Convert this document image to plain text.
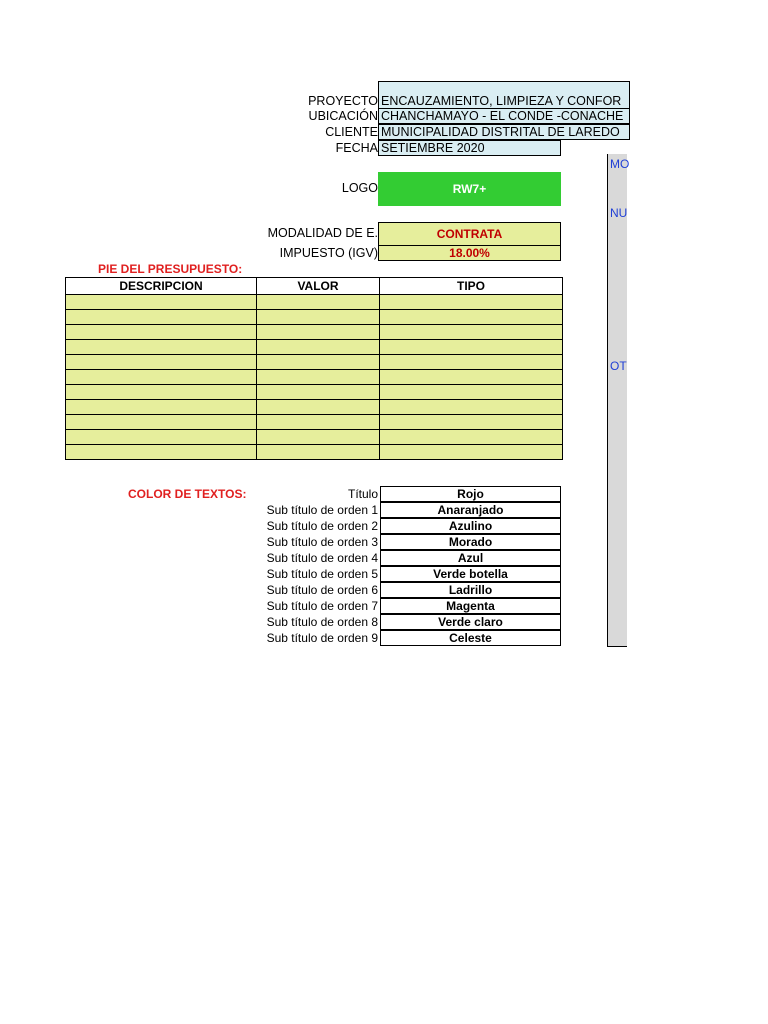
PROYECTO ENCAUZAMIENTO, LIMPIEZA Y CONFOR
UBICACIÓN CHANCHAMAYO - EL CONDE -CONACHE
CLIENTE MUNICIPALIDAD DISTRITAL DE LAREDO
FECHA SETIEMBRE 2020
LOGO	RW7+
MODALIDAD DE E.	CONTRATA
IMPUESTO (IGV)	18.00%
PIE DEL PRESUPUESTO:
DESCRIPCION	VALOR	TIPO

COLOR DE TEXTOS:	Título	Rojo
Sub título de orden 1	Anaranjado
Sub título de orden 2	Azulino
Sub título de orden 3	Morado
Sub título de orden 4	Azul
Sub título de orden 5	Verde botella
Sub título de orden 6	Ladrillo
Sub título de orden 7	Magenta
Sub título de orden 8	Verde claro
Sub título de orden 9	Celeste
MO
NU
OT
